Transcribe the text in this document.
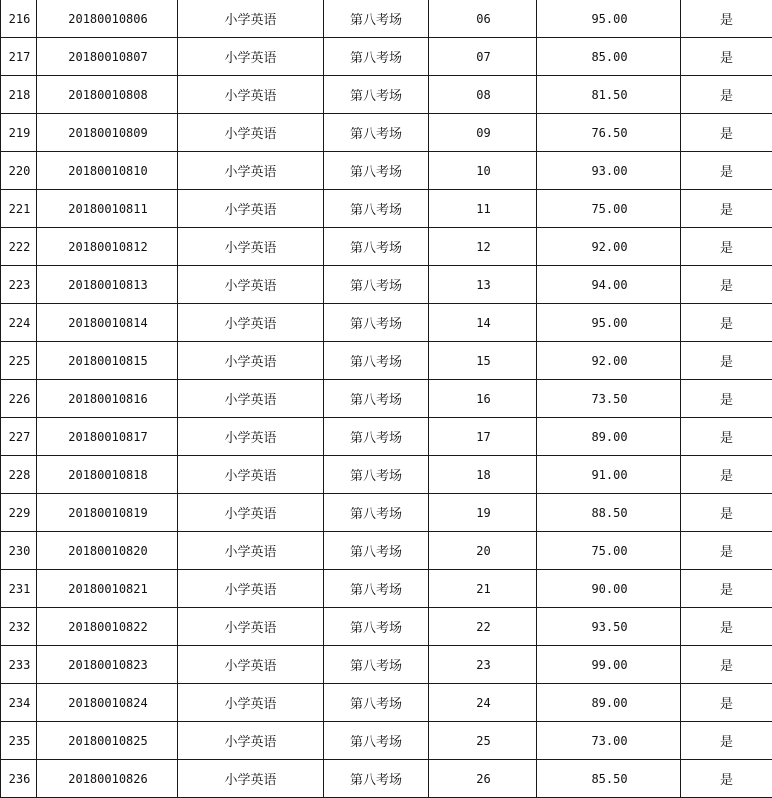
216	20180010806	小学英语	第八考场	06	95.00	是
217	20180010807	小学英语	第八考场	07	85.00	是
218	20180010808	小学英语	第八考场	08	81.50	是
219	20180010809	小学英语	第八考场	09	76.50	是
220	20180010810	小学英语	第八考场	10	93.00	是
221	20180010811	小学英语	第八考场	11	75.00	是
222	20180010812	小学英语	第八考场	12	92.00	是
223	20180010813	小学英语	第八考场	13	94.00	是
224	20180010814	小学英语	第八考场	14	95.00	是
225	20180010815	小学英语	第八考场	15	92.00	是
226	20180010816	小学英语	第八考场	16	73.50	是
227	20180010817	小学英语	第八考场	17	89.00	是
228	20180010818	小学英语	第八考场	18	91.00	是
229	20180010819	小学英语	第八考场	19	88.50	是
230	20180010820	小学英语	第八考场	20	75.00	是
231	20180010821	小学英语	第八考场	21	90.00	是
232	20180010822	小学英语	第八考场	22	93.50	是
233	20180010823	小学英语	第八考场	23	99.00	是
234	20180010824	小学英语	第八考场	24	89.00	是
235	20180010825	小学英语	第八考场	25	73.00	是
236	20180010826	小学英语	第八考场	26	85.50	是
